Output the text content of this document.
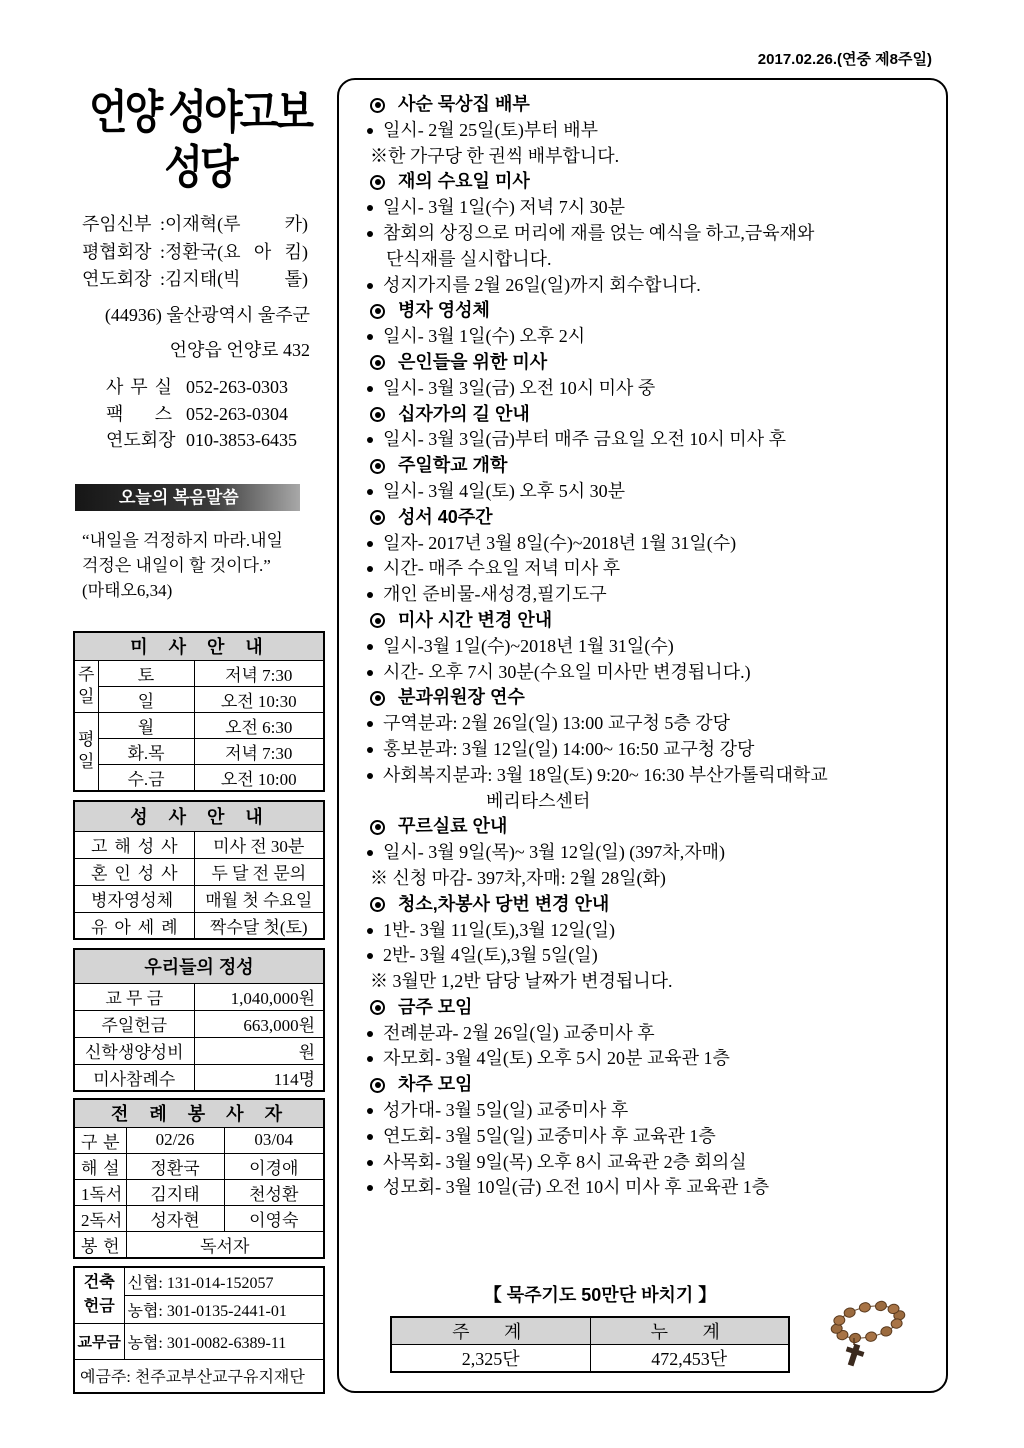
2017.02.26.(연중 제8주일)
언양 성야고보
성당
주임신부 :이재혁(루 카)
평협회장 :정환국(요 아 킴)
연도회장 :김지태(빅 톨)
(44936) 울산광역시 울주군
언양읍 언양로 432
사 무 실 052-263-0303
팩 스 052-263-0304
연도회장 010-3853-6435
오늘의 복음말씀
“내일을 걱정하지 마라.내일
걱정은 내일이 할 것이다.”
(마태오6,34)
미 사 안 내		
주일	토	저녁 7:30
	일	오전 10:30
평일	월	오전 6:30
	화.목	저녁 7:30
	수.금	오전 10:00
성 사 안 내	
고 해 성 사	미사 전 30분
혼 인 성 사	두 달 전 문의
병자영성체	매월 첫 수요일
유 아 세 례	짝수달 첫(토)
우리들의 정성	
교 무 금	1,040,000원
주일헌금	663,000원
신학생양성비	원
미사참례수	114명
전 례 봉 사 자		
구 분	02/26	03/04
해 설	정환국	이경애
1독서	김지태	천성환
2독서	성자현	이영숙
봉 헌	독서자	
건축헌금	신협: 131-014-152057
	농협: 301-0135-2441-01
교무금	농협: 301-0082-6389-11
예금주: 천주교부산교구유지재단	
사순 묵상집 배부
일시- 2월 25일(토)부터 배부
※한 가구당 한 권씩 배부합니다.
재의 수요일 미사
일시- 3월 1일(수) 저녁 7시 30분
참회의 상징으로 머리에 재를 얹는 예식을 하고,금육재와
단식재를 실시합니다.
성지가지를 2월 26일(일)까지 회수합니다.
병자 영성체
일시- 3월 1일(수) 오후 2시
은인들을 위한 미사
일시- 3월 3일(금) 오전 10시 미사 중
십자가의 길 안내
일시- 3월 3일(금)부터 매주 금요일 오전 10시 미사 후
주일학교 개학
일시- 3월 4일(토) 오후 5시 30분
성서 40주간
일자- 2017년 3월 8일(수)~2018년 1월 31일(수)
시간- 매주 수요일 저녁 미사 후
개인 준비물-새성경,필기도구
미사 시간 변경 안내
일시-3월 1일(수)~2018년 1월 31일(수)
시간- 오후 7시 30분(수요일 미사만 변경됩니다.)
분과위원장 연수
구역분과: 2월 26일(일) 13:00 교구청 5층 강당
홍보분과: 3월 12일(일) 14:00~ 16:50 교구청 강당
사회복지분과: 3월 18일(토) 9:20~ 16:30 부산가톨릭대학교
베리타스센터
꾸르실료 안내
일시- 3월 9일(목)~ 3월 12일(일) (397차,자매)
※ 신청 마감- 397차,자매: 2월 28일(화)
청소,차봉사 당번 변경 안내
1반- 3월 11일(토),3월 12일(일)
2반- 3월 4일(토),3월 5일(일)
※ 3월만 1,2반 담당 날짜가 변경됩니다.
금주 모임
전례분과- 2월 26일(일) 교중미사 후
자모회- 3월 4일(토) 오후 5시 20분 교육관 1층
차주 모임
성가대- 3월 5일(일) 교중미사 후
연도회- 3월 5일(일) 교중미사 후 교육관 1층
사목회- 3월 9일(목) 오후 8시 교육관 2층 회의실
성모회- 3월 10일(금) 오전 10시 미사 후 교육관 1층
【 묵주기도 50만단 바치기 】
주 계	누 계
2,325단	472,453단
